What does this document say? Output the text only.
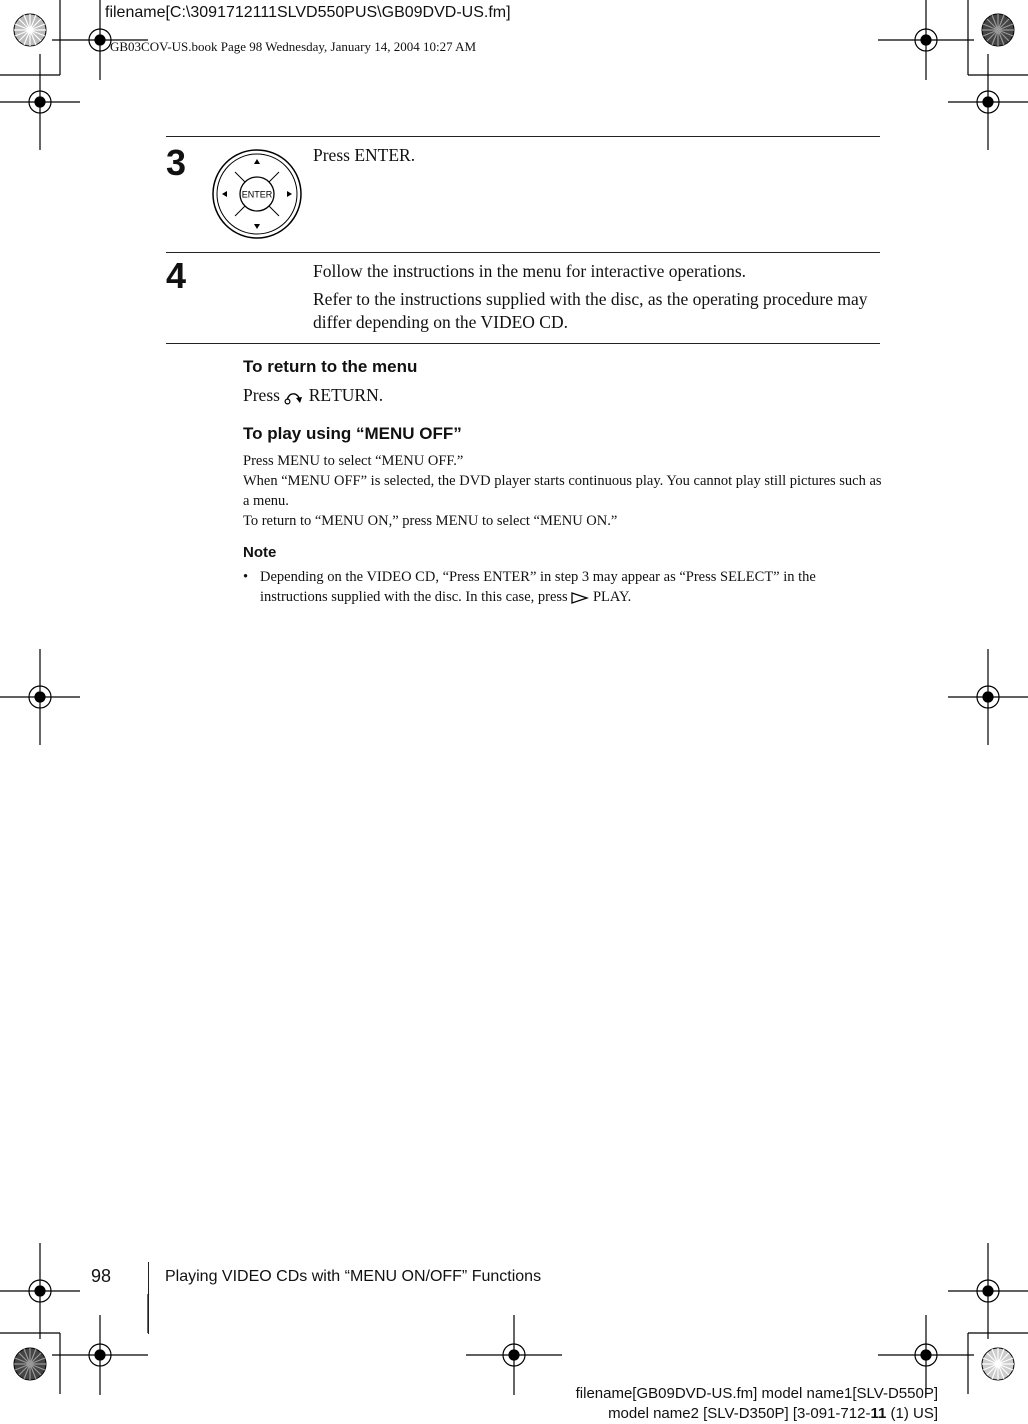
filename[C:\3091712111SLVD550PUS\GB09DVD-US.fm]
GB03COV-US.book Page 98 Wednesday, January 14, 2004 10:27 AM
3
ENTER
Press ENTER.
4	Follow the instructions in the menu for interactive operations.
Refer to the instructions supplied with the disc, as the operating procedure may differ depending on the VIDEO CD.
To return to the menu
Press  RETURN.
To play using “MENU OFF”
Press MENU to select “MENU OFF.”
When “MENU OFF” is selected, the DVD player starts continuous play. You cannot play still pictures such as a menu.
To return to “MENU ON,” press MENU to select “MENU ON.”
Note
• Depending on the VIDEO CD, “Press ENTER” in step 3 may appear as “Press SELECT” in the instructions supplied with the disc. In this case, press  PLAY.
98	Playing VIDEO CDs with “MENU ON/OFF” Functions
filename[GB09DVD-US.fm] model name1[SLV-D550P]
model name2 [SLV-D350P] [3-091-712-11 (1) US]
